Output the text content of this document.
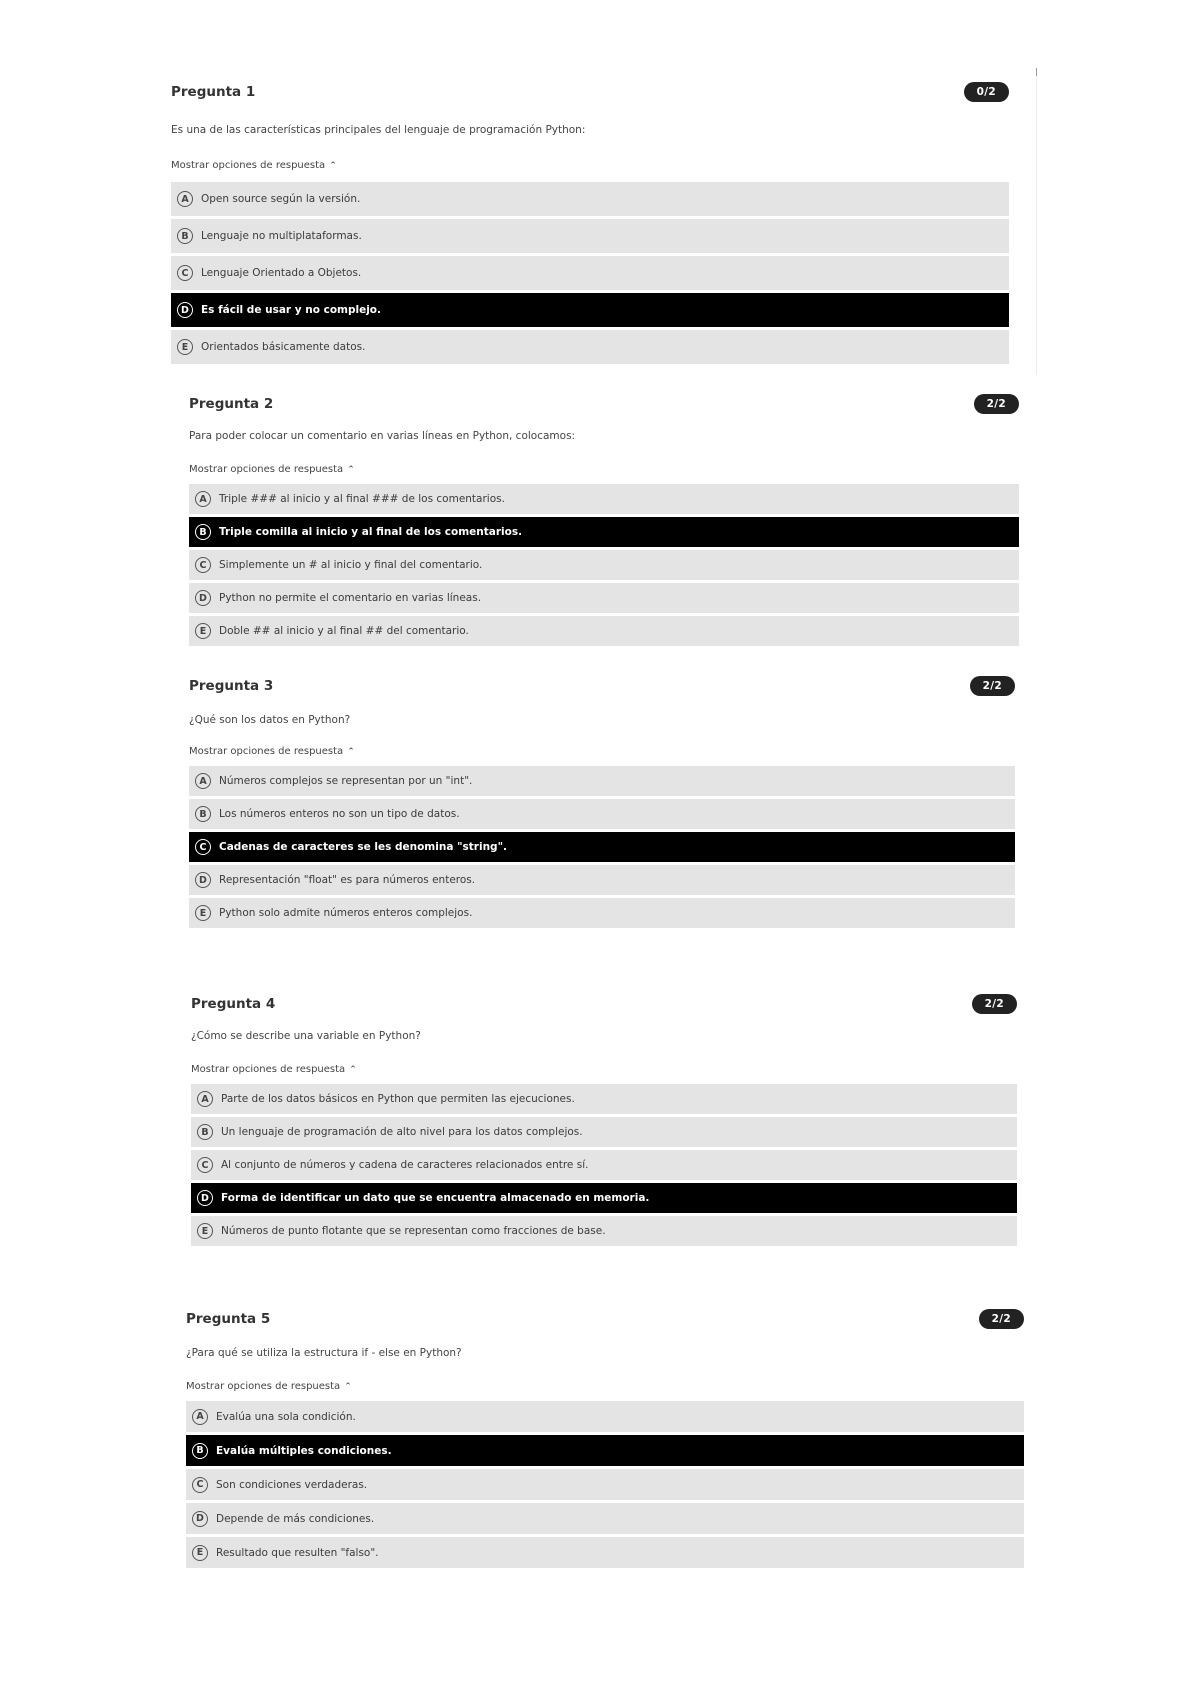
Pregunta 1	0/2
Es una de las características principales del lenguaje de programación Python:
Mostrar opciones de respuesta ⌃
A	Open source según la versión.
B	Lenguaje no multiplataformas.
C	Lenguaje Orientado a Objetos.
D	Es fácil de usar y no complejo.
E	Orientados básicamente datos.
Pregunta 2	2/2
Para poder colocar un comentario en varias líneas en Python, colocamos:
Mostrar opciones de respuesta ⌃
A	Triple ### al inicio y al final ### de los comentarios.
B	Triple comilla al inicio y al final de los comentarios.
C	Simplemente un # al inicio y final del comentario.
D	Python no permite el comentario en varias líneas.
E	Doble ## al inicio y al final ## del comentario.
Pregunta 3	2/2
¿Qué son los datos en Python?
Mostrar opciones de respuesta ⌃
A	Números complejos se representan por un "int".
B	Los números enteros no son un tipo de datos.
C	Cadenas de caracteres se les denomina "string".
D	Representación "float" es para números enteros.
E	Python solo admite números enteros complejos.
Pregunta 4	2/2
¿Cómo se describe una variable en Python?
Mostrar opciones de respuesta ⌃
A	Parte de los datos básicos en Python que permiten las ejecuciones.
B	Un lenguaje de programación de alto nivel para los datos complejos.
C	Al conjunto de números y cadena de caracteres relacionados entre sí.
D	Forma de identificar un dato que se encuentra almacenado en memoria.
E	Números de punto flotante que se representan como fracciones de base.
Pregunta 5	2/2
¿Para qué se utiliza la estructura if - else en Python?
Mostrar opciones de respuesta ⌃
A	Evalúa una sola condición.
B	Evalúa múltiples condiciones.
C	Son condiciones verdaderas.
D	Depende de más condiciones.
E	Resultado que resulten "falso".
